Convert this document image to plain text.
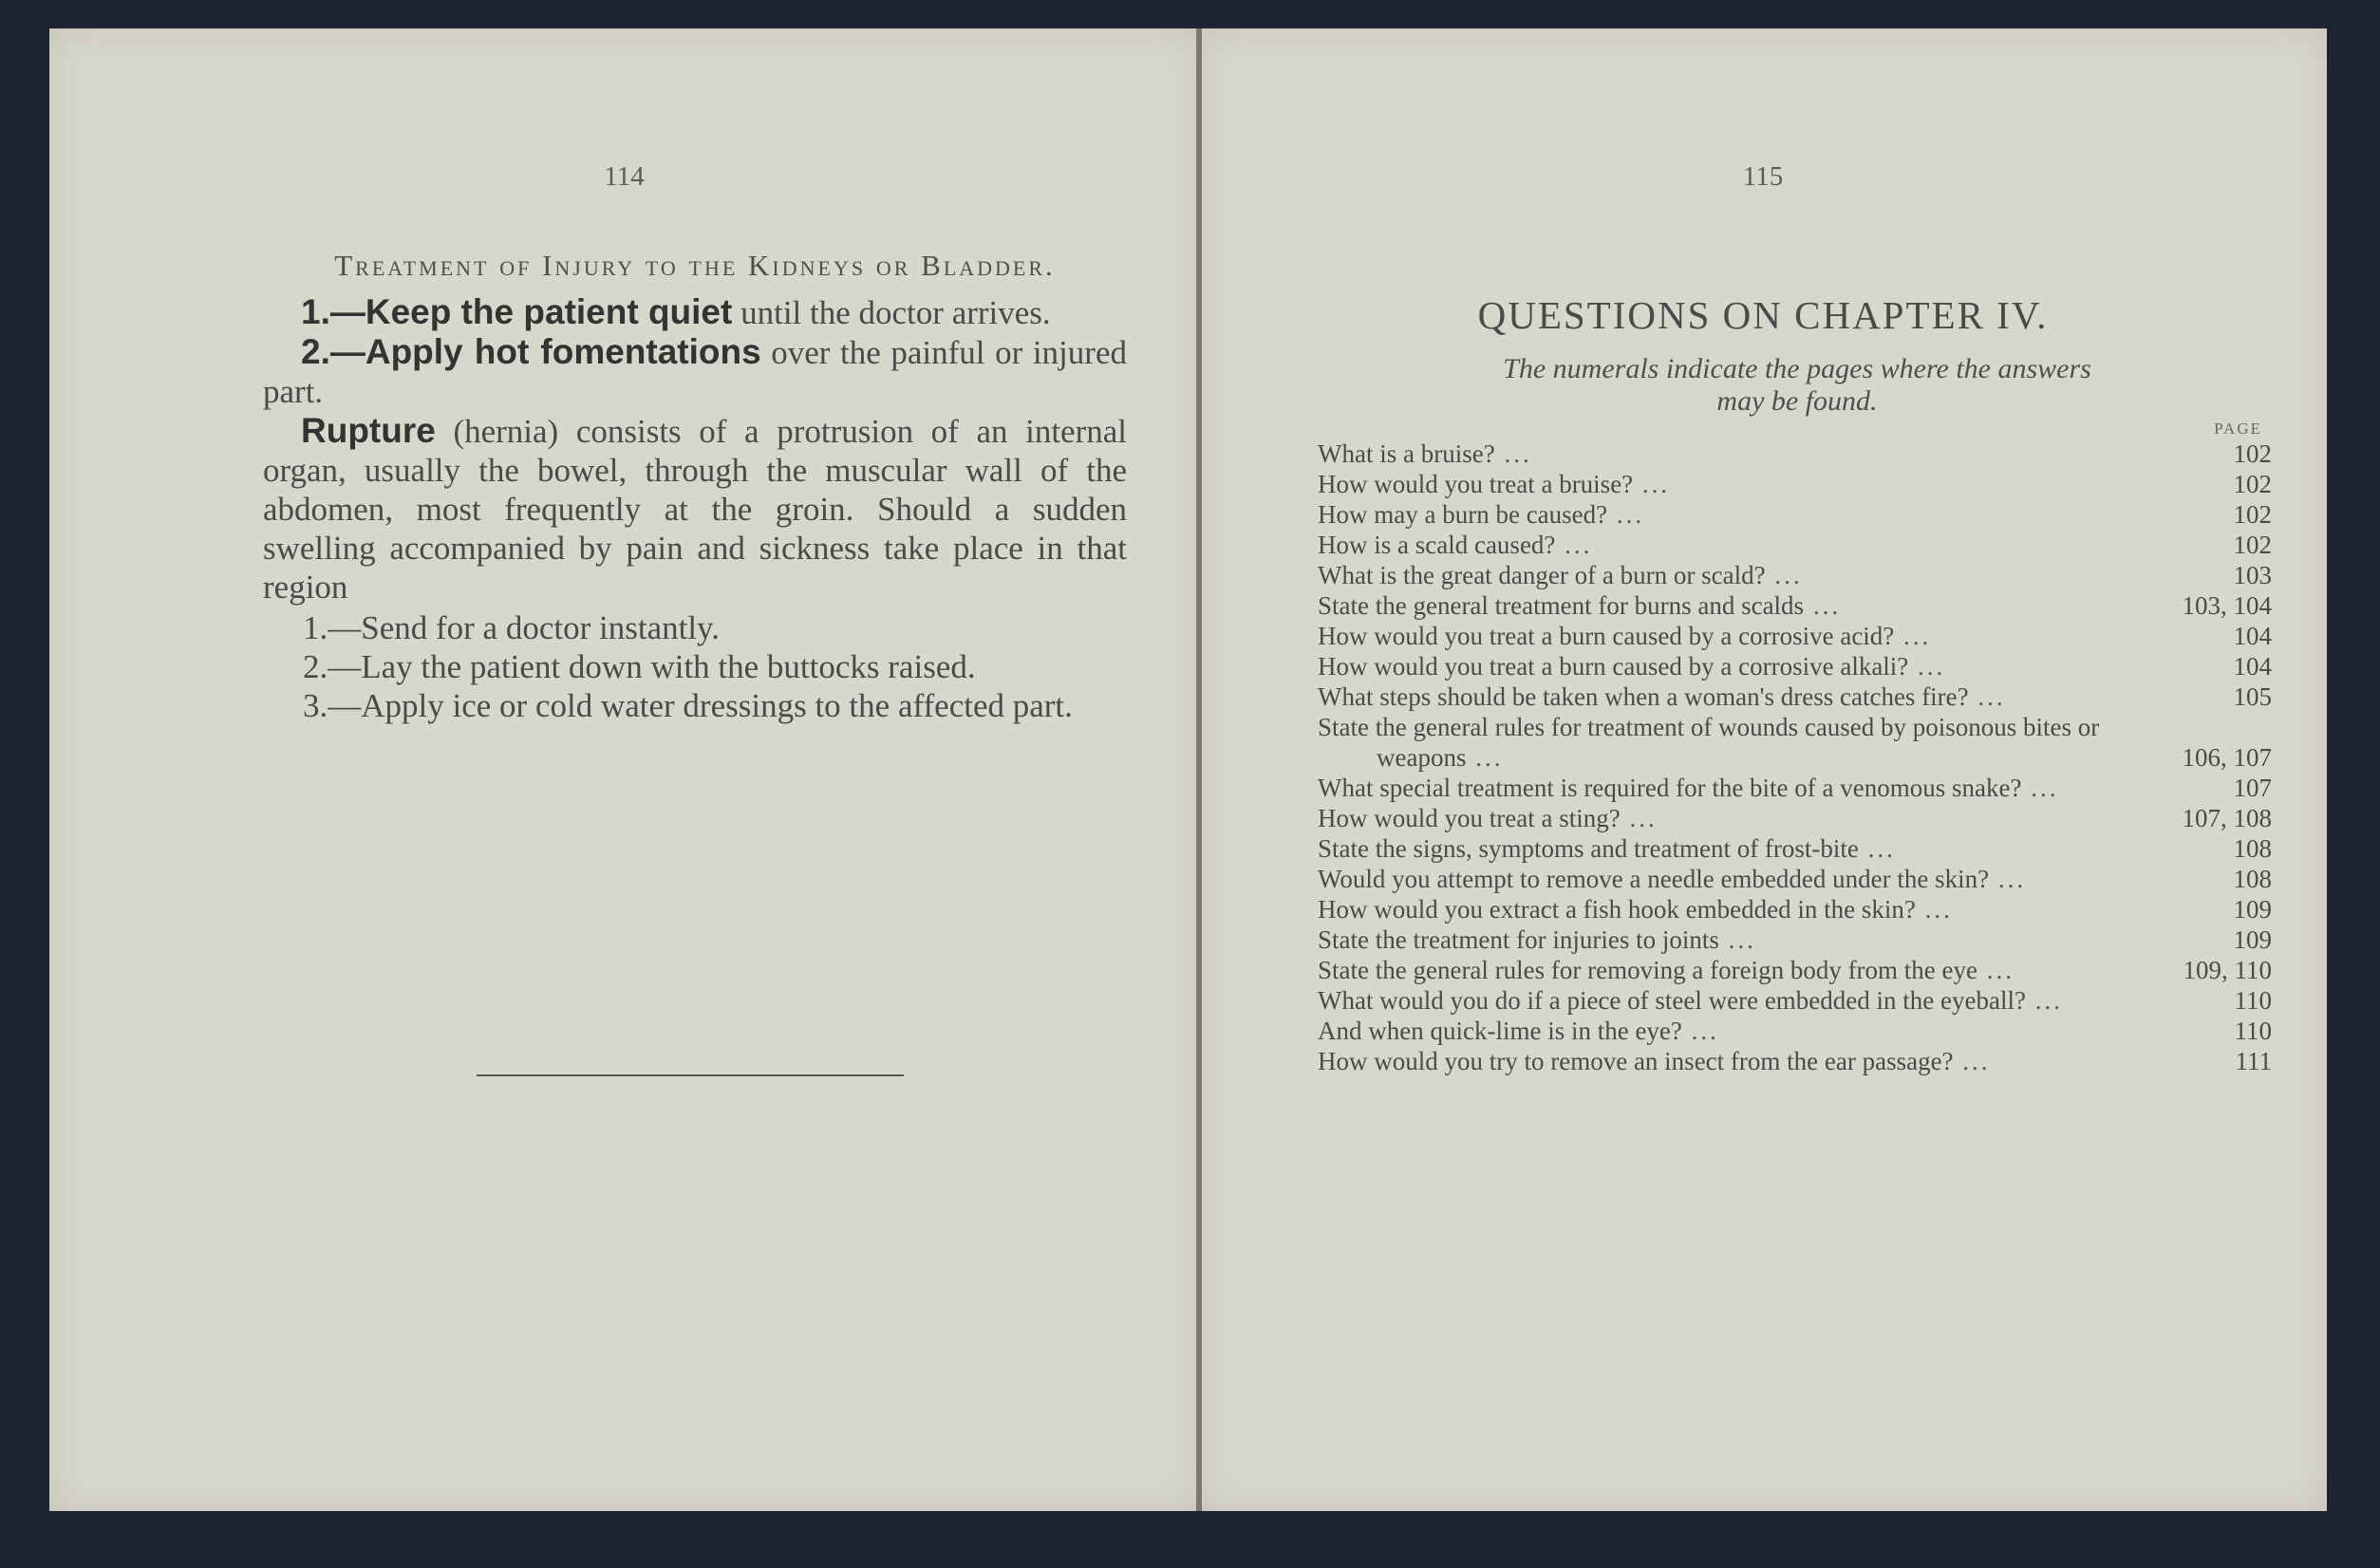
114
Treatment of Injury to the Kidneys or Bladder.

1.—Keep the patient quiet until the doctor arrives.

2.—Apply hot fomentations over the painful or injured part.

Rupture (hernia) consists of a protrusion of an internal organ, usually the bowel, through the muscular wall of the abdomen, most frequently at the groin. Should a sudden swelling accompanied by pain and sickness take place in that region

1.—Send for a doctor instantly.
2.—Lay the patient down with the buttocks raised.
3.—Apply ice or cold water dressings to the affected part.
115
QUESTIONS ON CHAPTER IV.
The numerals indicate the pages where the answers may be found.
PAGE
What is a bruise? ...	102
How would you treat a bruise? ...	102
How may a burn be caused? ...	102
How is a scald caused? ...	102
What is the great danger of a burn or scald? ...	103
State the general treatment for burns and scalds ...	103, 104
How would you treat a burn caused by a corrosive acid? ...	104
How would you treat a burn caused by a corrosive alkali? ...	104
What steps should be taken when a woman's dress catches fire? ...	105
State the general rules for treatment of wounds caused by poisonous bites or weapons ...	106, 107
What special treatment is required for the bite of a venomous snake? ...	107
How would you treat a sting? ...	107, 108
State the signs, symptoms and treatment of frost-bite ...	108
Would you attempt to remove a needle embedded under the skin? ...	108
How would you extract a fish hook embedded in the skin? ...	109
State the treatment for injuries to joints ...	109
State the general rules for removing a foreign body from the eye ...	109, 110
What would you do if a piece of steel were embedded in the eyeball? ...	110
And when quick-lime is in the eye? ...	110
How would you try to remove an insect from the ear passage? ...	111
